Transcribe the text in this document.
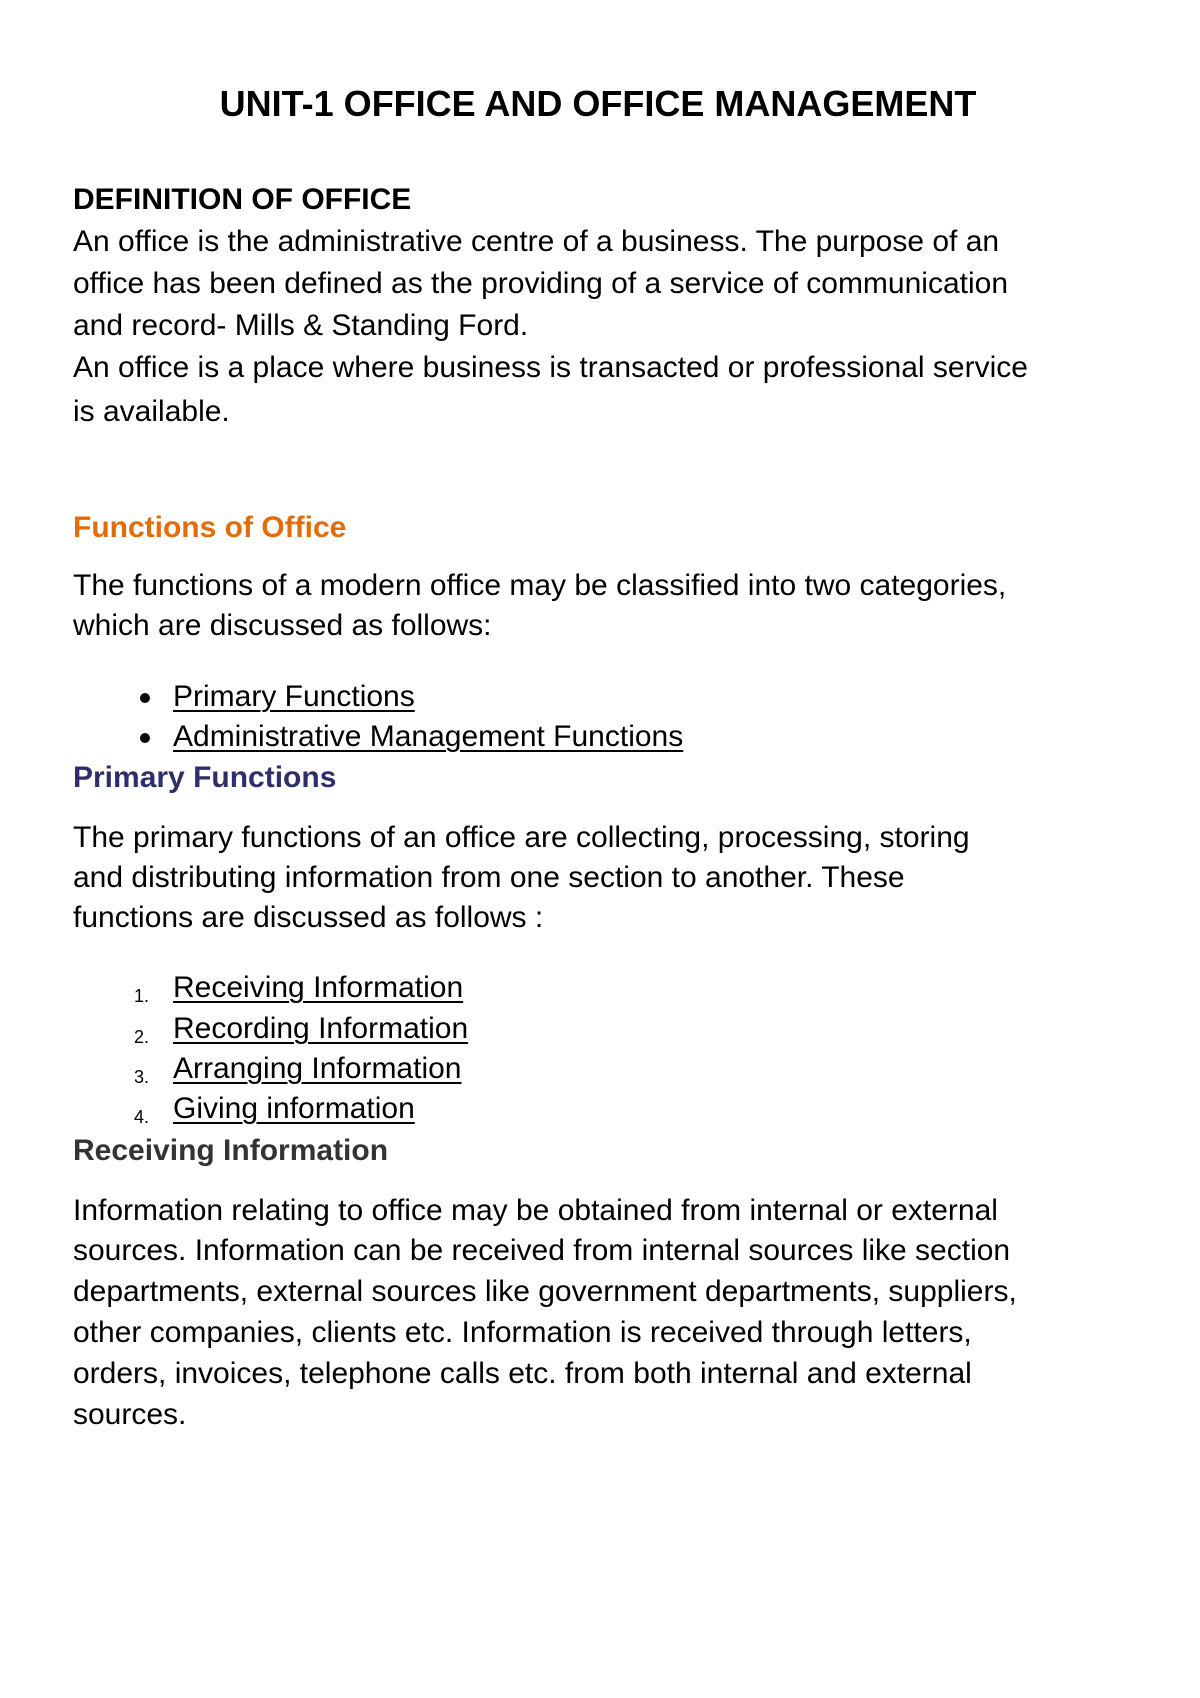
UNIT-1 OFFICE AND OFFICE MANAGEMENT

DEFINITION OF OFFICE

An office is the administrative centre of a business. The purpose of an

office has been defined as the providing of a service of communication

and record- Mills & Standing Ford.

An office is a place where business is transacted or professional service

is available.

Functions of Office

The functions of a modern office may be classified into two categories,

which are discussed as follows:

Primary Functions
Administrative Management Functions

Primary Functions

The primary functions of an office are collecting, processing, storing

and distributing information from one section to another. These

functions are discussed as follows :

1. Receiving Information
2. Recording Information
3. Arranging Information
4. Giving information

Receiving Information

Information relating to office may be obtained from internal or external

sources. Information can be received from internal sources like section

departments, external sources like government departments, suppliers,

other companies, clients etc. Information is received through letters,

orders, invoices, telephone calls etc. from both internal and external

sources.
